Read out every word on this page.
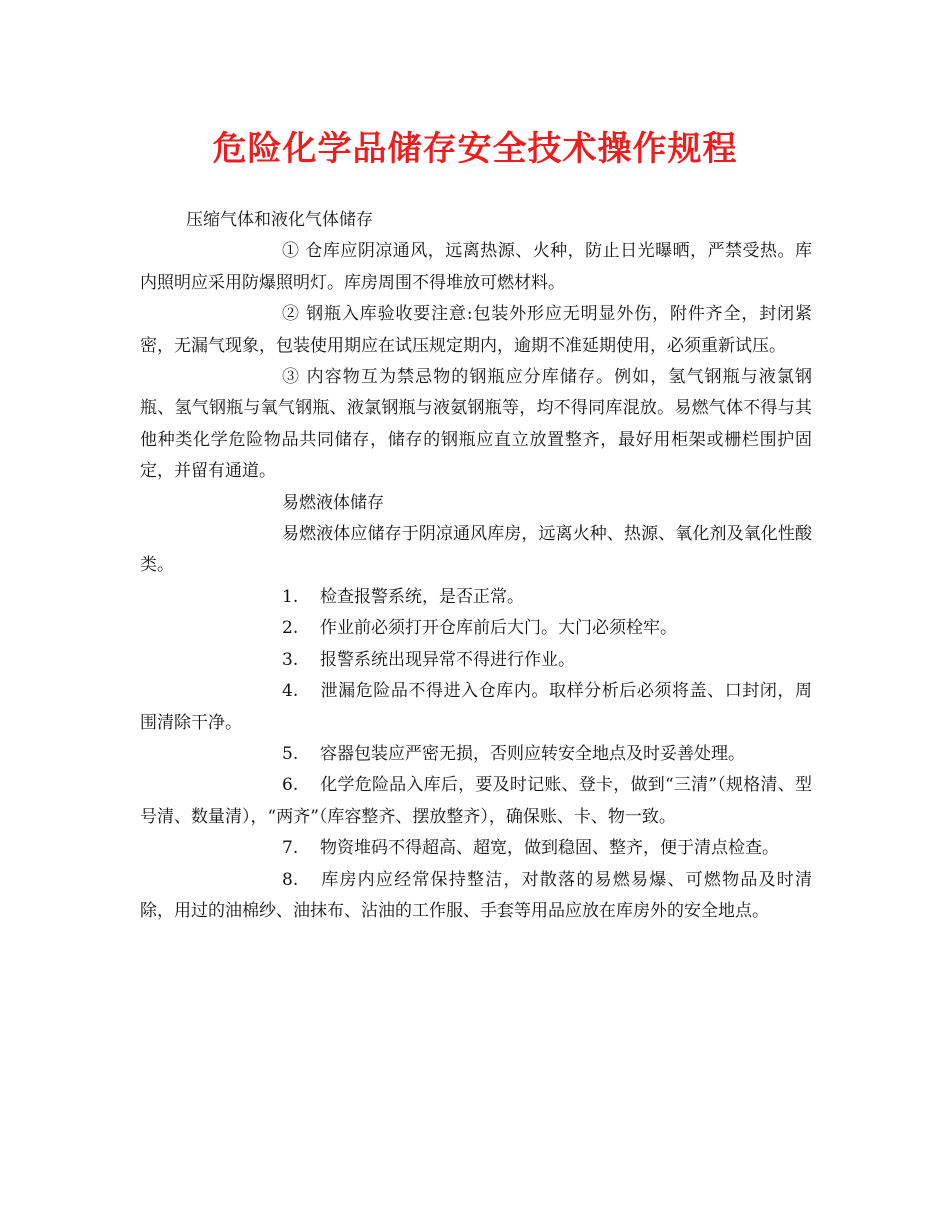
危险化学品储存安全技术操作规程

压缩气体和液化气体储存

① 仓库应阴凉通风，远离热源、火种，防止日光曝晒，严禁受热。库内照明应采用防爆照明灯。库房周围不得堆放可燃材料。

② 钢瓶入库验收要注意:包装外形应无明显外伤，附件齐全，封闭紧密，无漏气现象，包装使用期应在试压规定期内，逾期不准延期使用，必须重新试压。

③ 内容物互为禁忌物的钢瓶应分库储存。例如，氢气钢瓶与液氯钢瓶、氢气钢瓶与氧气钢瓶、液氯钢瓶与液氨钢瓶等，均不得同库混放。易燃气体不得与其他种类化学危险物品共同储存，储存的钢瓶应直立放置整齐，最好用柜架或栅栏围护固定，并留有通道。

易燃液体储存

易燃液体应储存于阴凉通风库房，远离火种、热源、氧化剂及氧化性酸类。

1. 检查报警系统，是否正常。

2. 作业前必须打开仓库前后大门。大门必须栓牢。

3. 报警系统出现异常不得进行作业。

4. 泄漏危险品不得进入仓库内。取样分析后必须将盖、口封闭，周围清除干净。

5. 容器包装应严密无损，否则应转安全地点及时妥善处理。

6. 化学危险品入库后，要及时记账、登卡，做到“三清”（规格清、型号清、数量清），“两齐”（库容整齐、摆放整齐），确保账、卡、物一致。

7. 物资堆码不得超高、超宽，做到稳固、整齐，便于清点检查。

8. 库房内应经常保持整洁，对散落的易燃易爆、可燃物品及时清除，用过的油棉纱、油抹布、沾油的工作服、手套等用品应放在库房外的安全地点。
